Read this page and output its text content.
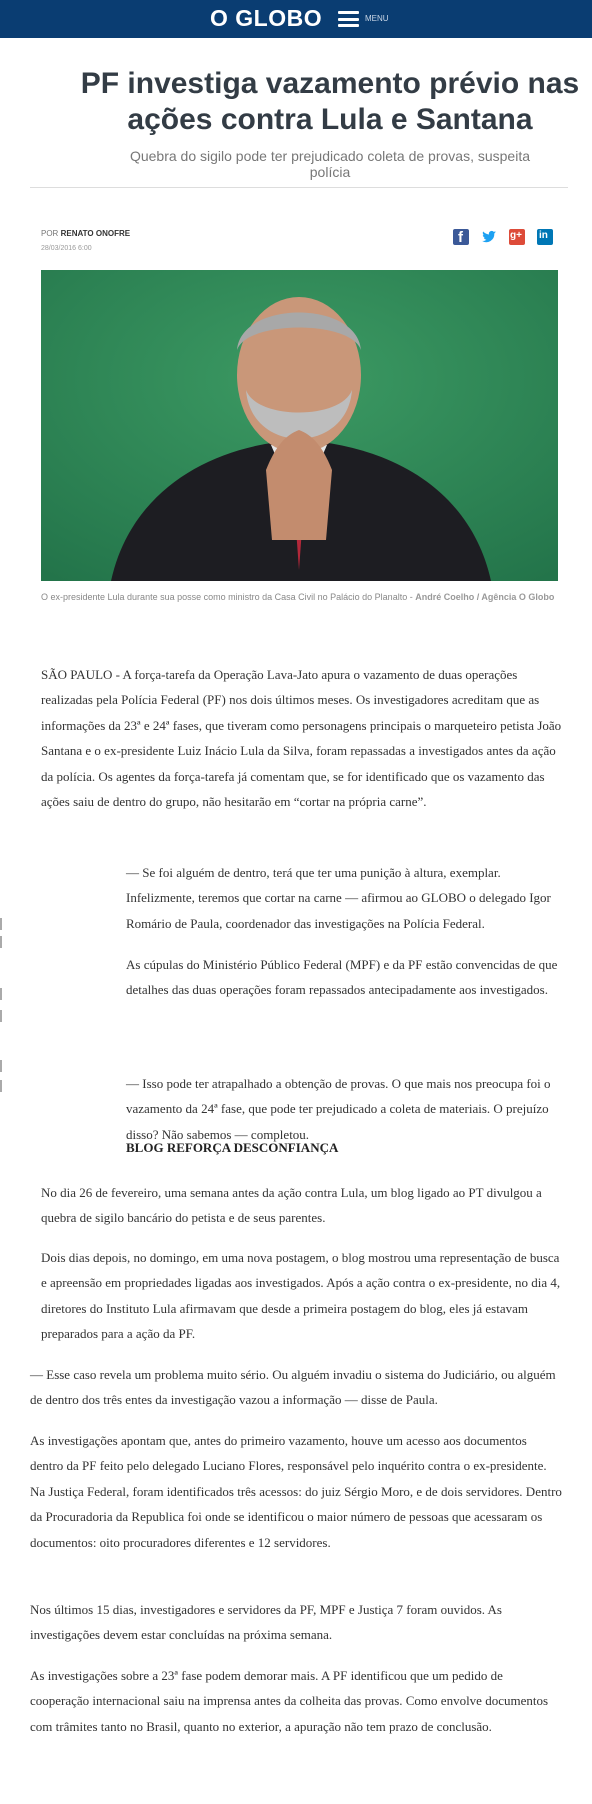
O GLOBO	MENU
PF investiga vazamento prévio nas ações contra Lula e Santana
Quebra do sigilo pode ter prejudicado coleta de provas, suspeita polícia
POR RENATO ONOFRE
28/03/2016 6:00
f
g+
in
O ex-presidente Lula durante sua posse como ministro da Casa Civil no Palácio do Planalto - André Coelho / Agência O Globo

SÃO PAULO - A força-tarefa da Operação Lava-Jato apura o vazamento de duas operações realizadas pela Polícia Federal (PF) nos dois últimos meses. Os investigadores acreditam que as informações da 23ª e 24ª fases, que tiveram como personagens principais o marqueteiro petista João Santana e o ex-presidente Luiz Inácio Lula da Silva, foram repassadas a investigados antes da ação da polícia. Os agentes da força-tarefa já comentam que, se for identificado que os vazamento das ações saiu de dentro do grupo, não hesitarão em “cortar na própria carne”.

— Se foi alguém de dentro, terá que ter uma punição à altura, exemplar. Infelizmente, teremos que cortar na carne — afirmou ao GLOBO o delegado Igor Romário de Paula, coordenador das investigações na Polícia Federal.

As cúpulas do Ministério Público Federal (MPF) e da PF estão convencidas de que detalhes das duas operações foram repassados antecipadamente aos investigados.

— Isso pode ter atrapalhado a obtenção de provas. O que mais nos preocupa foi o vazamento da 24ª fase, que pode ter prejudicado a coleta de materiais. O prejuízo disso? Não sabemos — completou.

BLOG REFORÇA DESCONFIANÇA

No dia 26 de fevereiro, uma semana antes da ação contra Lula, um blog ligado ao PT divulgou a quebra de sigilo bancário do petista e de seus parentes.

Dois dias depois, no domingo, em uma nova postagem, o blog mostrou uma representação de busca e apreensão em propriedades ligadas aos investigados. Após a ação contra o ex-presidente, no dia 4, diretores do Instituto Lula afirmavam que desde a primeira postagem do blog, eles já estavam preparados para a ação da PF.

— Esse caso revela um problema muito sério. Ou alguém invadiu o sistema do Judiciário, ou alguém de dentro dos três entes da investigação vazou a informação — disse de Paula.

As investigações apontam que, antes do primeiro vazamento, houve um acesso aos documentos dentro da PF feito pelo delegado Luciano Flores, responsável pelo inquérito contra o ex-presidente. Na Justiça Federal, foram identificados três acessos: do juiz Sérgio Moro, e de dois servidores. Dentro da Procuradoria da Republica foi onde se identificou o maior número de pessoas que acessaram os documentos: oito procuradores diferentes e 12 servidores.

Nos últimos 15 dias, investigadores e servidores da PF, MPF e Justiça 7 foram ouvidos. As investigações devem estar concluídas na próxima semana.

As investigações sobre a 23ª fase podem demorar mais. A PF identificou que um pedido de cooperação internacional saiu na imprensa antes da colheita das provas. Como envolve documentos com trâmites tanto no Brasil, quanto no exterior, a apuração não tem prazo de conclusão.
